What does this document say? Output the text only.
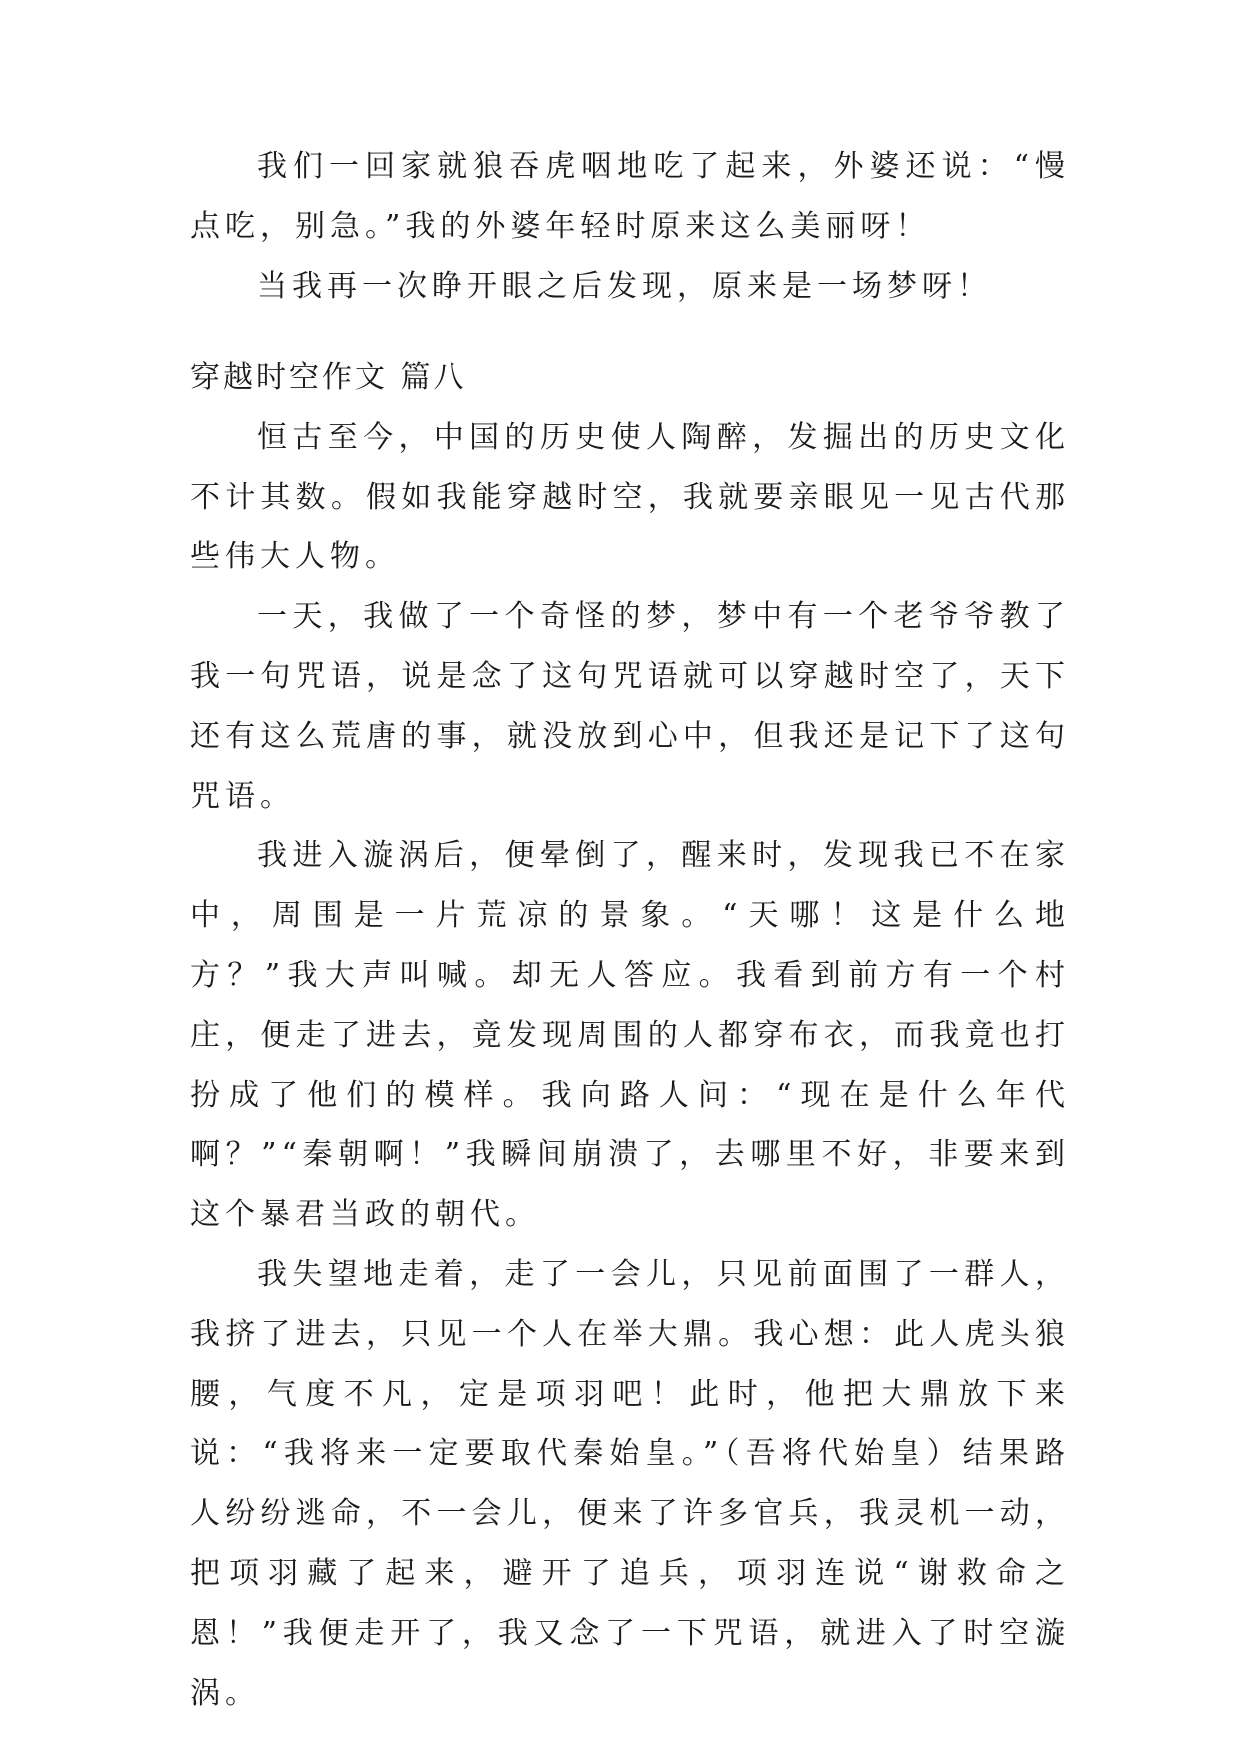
我们一回家就狼吞虎咽地吃了起来，外婆还说：“慢点吃，别急。”我的外婆年轻时原来这么美丽呀！

当我再一次睁开眼之后发现，原来是一场梦呀！

穿越时空作文 篇八

恒古至今，中国的历史使人陶醉，发掘出的历史文化不计其数。假如我能穿越时空，我就要亲眼见一见古代那些伟大人物。

一天，我做了一个奇怪的梦，梦中有一个老爷爷教了我一句咒语，说是念了这句咒语就可以穿越时空了，天下还有这么荒唐的事，就没放到心中，但我还是记下了这句咒语。

我进入漩涡后，便晕倒了，醒来时，发现我已不在家中，周围是一片荒凉的景象。“天哪！这是什么地方？”我大声叫喊。却无人答应。我看到前方有一个村庄，便走了进去，竟发现周围的人都穿布衣，而我竟也打扮成了他们的模样。我向路人问：“现在是什么年代啊？”“秦朝啊！”我瞬间崩溃了，去哪里不好，非要来到这个暴君当政的朝代。

我失望地走着，走了一会儿，只见前面围了一群人，我挤了进去，只见一个人在举大鼎。我心想：此人虎头狼腰，气度不凡，定是项羽吧！此时，他把大鼎放下来说：“我将来一定要取代秦始皇。”（吾将代始皇）结果路人纷纷逃命，不一会儿，便来了许多官兵，我灵机一动，把项羽藏了起来，避开了追兵，项羽连说“谢救命之恩！”我便走开了，我又念了一下咒语，就进入了时空漩涡。
